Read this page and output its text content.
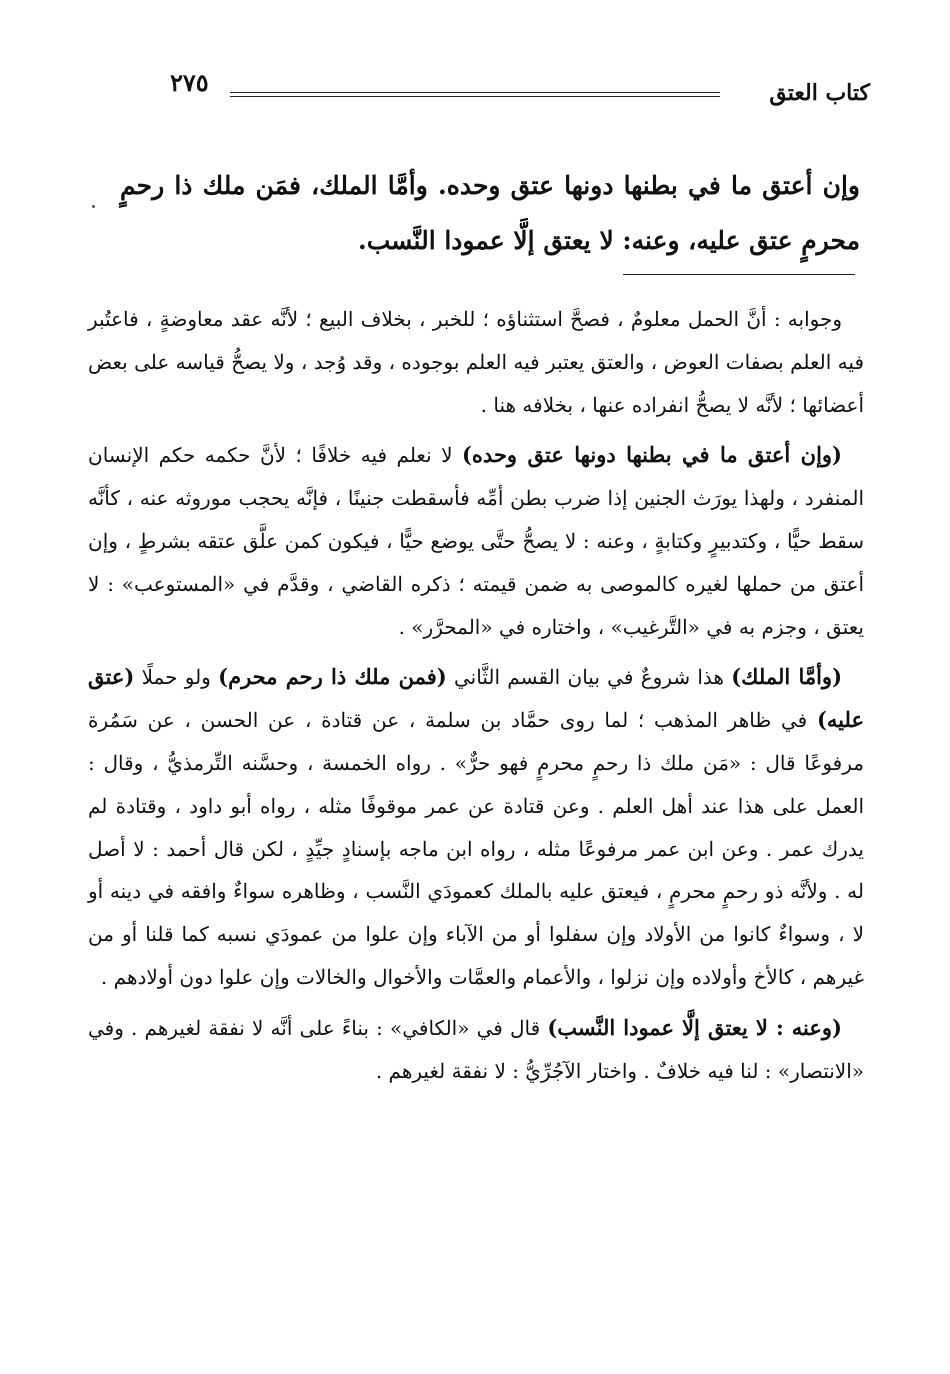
كتاب العتق
٢٧٥
وإن أعتق ما في بطنها دونها عتق وحده. وأمَّا الملك، فمَن ملك ذا رحمٍ محرمٍ عتق عليه، وعنه: لا يعتق إلَّا عمودا النَّسب.

وجوابه : أنَّ الحمل معلومٌ ، فصحَّ استثناؤه ؛ للخبر ، بخلاف البيع ؛ لأنَّه عقد معاوضةٍ ، فاعتُبر فيه العلم بصفات العوض ، والعتق يعتبر فيه العلم بوجوده ، وقد وُجد ، ولا يصحُّ قياسه على بعض أعضائها ؛ لأنَّه لا يصحُّ انفراده عنها ، بخلافه هنا .

(وإن أعتق ما في بطنها دونها عتق وحده) لا نعلم فيه خلافًا ؛ لأنَّ حكمه حكم الإنسان المنفرد ، ولهذا يورَث الجنين إذا ضرب بطن أمِّه فأسقطت جنينًا ، فإنَّه يحجب موروثه عنه ، كأنَّه سقط حيًّا ، وكتدبيرٍ وكتابةٍ ، وعنه : لا يصحُّ حتَّى يوضع حيًّا ، فيكون كمن علَّق عتقه بشرطٍ ، وإن أعتق من حملها لغيره كالموصى به ضمن قيمته ؛ ذكره القاضي ، وقدَّم في «المستوعب» : لا يعتق ، وجزم به في «التَّرغيب» ، واختاره في «المحرَّر» .

(وأمَّا الملك) هذا شروعٌ في بيان القسم الثَّاني (فمن ملك ذا رحم محرم) ولو حملًا (عتق عليه) في ظاهر المذهب ؛ لما روى حمَّاد بن سلمة ، عن قتادة ، عن الحسن ، عن سَمُرة مرفوعًا قال : «مَن ملك ذا رحمٍ محرمٍ فهو حرٌّ» . رواه الخمسة ، وحسَّنه التِّرمذيُّ ، وقال : العمل على هذا عند أهل العلم . وعن قتادة عن عمر موقوفًا مثله ، رواه أبو داود ، وقتادة لم يدرك عمر . وعن ابن عمر مرفوعًا مثله ، رواه ابن ماجه بإسنادٍ جيِّدٍ ، لكن قال أحمد : لا أصل له . ولأنَّه ذو رحمٍ محرمٍ ، فيعتق عليه بالملك كعمودَي النَّسب ، وظاهره سواءٌ وافقه في دينه أو لا ، وسواءٌ كانوا من الأولاد وإن سفلوا أو من الآباء وإن علوا من عمودَي نسبه كما قلنا أو من غيرهم ، كالأخ وأولاده وإن نزلوا ، والأعمام والعمَّات والأخوال والخالات وإن علوا دون أولادهم .

(وعنه : لا يعتق إلَّا عمودا النَّسب) قال في «الكافي» : بناءً على أنَّه لا نفقة لغيرهم . وفي «الانتصار» : لنا فيه خلافٌ . واختار الآجُرِّيُّ : لا نفقة لغيرهم .
